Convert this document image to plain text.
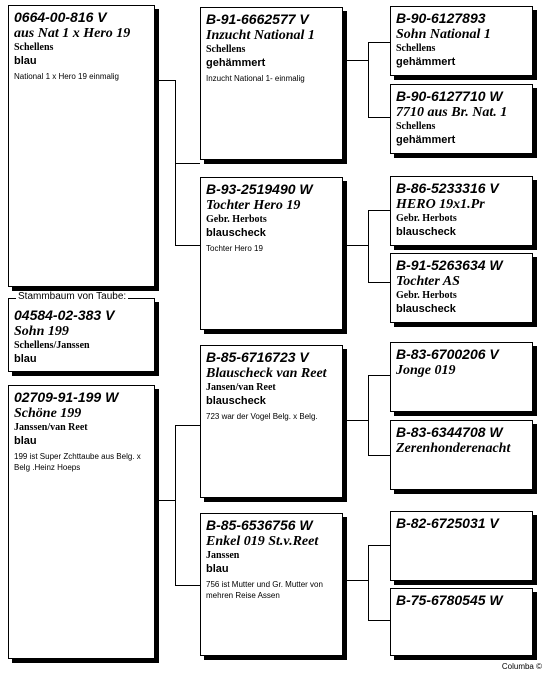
0664-00-816 V
aus Nat 1 x Hero 19
Schellens
blau
National 1 x Hero 19 einmalig
04584-02-383 V
Sohn 199
Schellens/Janssen
blau
Stammbaum von Taube:
02709-91-199 W
Schöne 199
Janssen/van Reet
blau
199 ist Super Zchttaube aus Belg. x Belg .Heinz Hoeps
B-91-6662577 V
Inzucht National 1
Schellens
gehämmert
Inzucht National 1- einmalig
B-93-2519490 W
Tochter Hero 19
Gebr. Herbots
blauscheck
Tochter Hero 19
B-85-6716723 V
Blauscheck van Reet
Jansen/van Reet
blauscheck
723 war der Vogel Belg. x Belg.
B-85-6536756 W
Enkel 019 St.v.Reet
Janssen
blau
756 ist Mutter und Gr. Mutter von mehren Reise Assen
B-90-6127893
Sohn National 1
Schellens
gehämmert
B-90-6127710 W
7710 aus Br. Nat. 1
Schellens
gehämmert
B-86-5233316 V
HERO 19x1.Pr
Gebr. Herbots
blauscheck
B-91-5263634 W
Tochter AS
Gebr. Herbots
blauscheck
B-83-6700206 V
Jonge 019
B-83-6344708 W
Zerenhonderenacht
B-82-6725031 V
B-75-6780545 W
Columba ©
